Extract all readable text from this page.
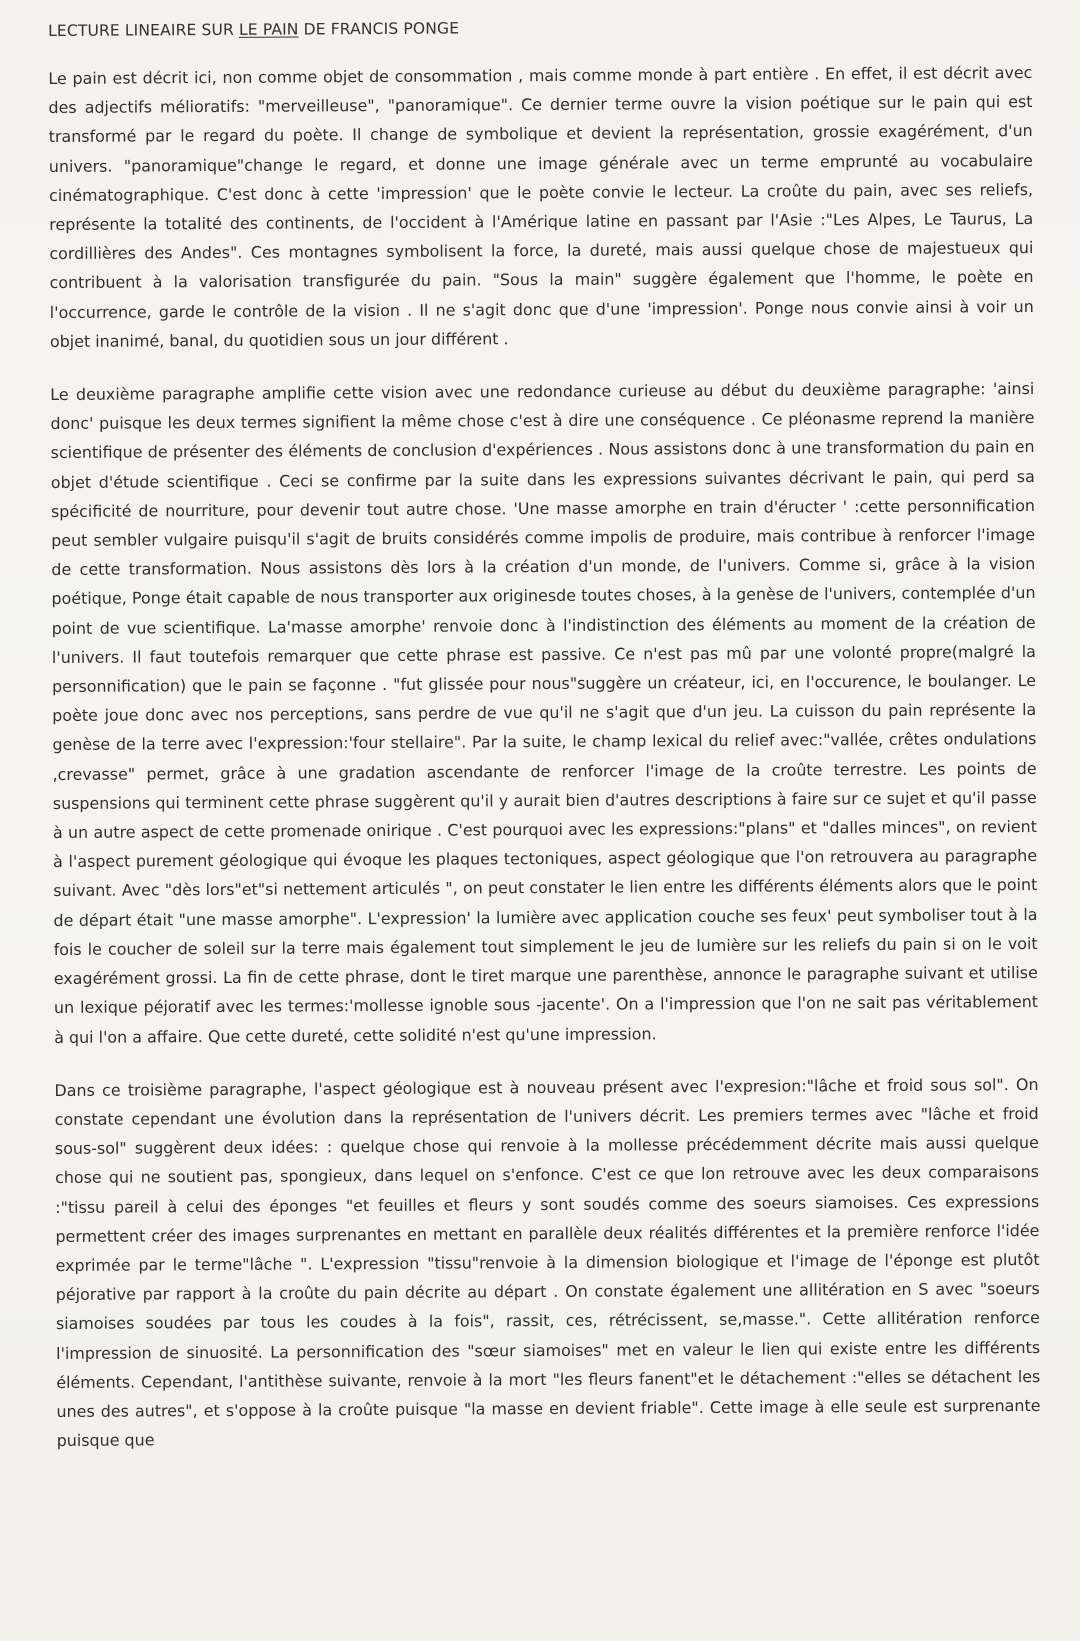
LECTURE LINEAIRE SUR LE PAIN DE FRANCIS PONGE

Le pain est décrit ici, non comme objet de consommation , mais comme monde à part entière . En effet, il est décrit avec des adjectifs mélioratifs: "merveilleuse", "panoramique". Ce dernier terme ouvre la vision poétique sur le pain qui est transformé par le regard du poète. Il change de symbolique et devient la représentation, grossie exagérément, d'un univers. "panoramique"change le regard, et donne une image générale avec un terme emprunté au vocabulaire cinématographique. C'est donc à cette 'impression' que le poète convie le lecteur. La croûte du pain, avec ses reliefs, représente la totalité des continents, de l'occident à l'Amérique latine en passant par l'Asie :"Les Alpes, Le Taurus, La cordillières des Andes". Ces montagnes symbolisent la force, la dureté, mais aussi quelque chose de majestueux qui contribuent à la valorisation transfigurée du pain. "Sous la main" suggère également que l'homme, le poète en l'occurrence, garde le contrôle de la vision . Il ne s'agit donc que d'une 'impression'. Ponge nous convie ainsi à voir un objet inanimé, banal, du quotidien sous un jour différent .

Le deuxième paragraphe amplifie cette vision avec une redondance curieuse au début du deuxième paragraphe: 'ainsi donc' puisque les deux termes signifient la même chose c'est à dire une conséquence . Ce pléonasme reprend la manière scientifique de présenter des éléments de conclusion d'expériences . Nous assistons donc à une transformation du pain en objet d'étude scientifique . Ceci se confirme par la suite dans les expressions suivantes décrivant le pain, qui perd sa spécificité de nourriture, pour devenir tout autre chose. 'Une masse amorphe en train d'éructer ' :cette personnification peut sembler vulgaire puisqu'il s'agit de bruits considérés comme impolis de produire, mais contribue à renforcer l'image de cette transformation. Nous assistons dès lors à la création d'un monde, de l'univers. Comme si, grâce à la vision poétique, Ponge était capable de nous transporter aux originesde toutes choses, à la genèse de l'univers, contemplée d'un point de vue scientifique. La'masse amorphe' renvoie donc à l'indistinction des éléments au moment de la création de l'univers. Il faut toutefois remarquer que cette phrase est passive. Ce n'est pas mû par une volonté propre(malgré la personnification) que le pain se façonne . "fut glissée pour nous"suggère un créateur, ici, en l'occurence, le boulanger. Le poète joue donc avec nos perceptions, sans perdre de vue qu'il ne s'agit que d'un jeu. La cuisson du pain représente la genèse de la terre avec l'expression:'four stellaire". Par la suite, le champ lexical du relief avec:"vallée, crêtes ondulations ,crevasse" permet, grâce à une gradation ascendante de renforcer l'image de la croûte terrestre. Les points de suspensions qui terminent cette phrase suggèrent qu'il y aurait bien d'autres descriptions à faire sur ce sujet et qu'il passe à un autre aspect de cette promenade onirique . C'est pourquoi avec les expressions:"plans" et "dalles minces", on revient à l'aspect purement géologique qui évoque les plaques tectoniques, aspect géologique que l'on retrouvera au paragraphe suivant. Avec "dès lors"et"si nettement articulés ", on peut constater le lien entre les différents éléments alors que le point de départ était "une masse amorphe". L'expression' la lumière avec application couche ses feux' peut symboliser tout à la fois le coucher de soleil sur la terre mais également tout simplement le jeu de lumière sur les reliefs du pain si on le voit exagérément grossi. La fin de cette phrase, dont le tiret marque une parenthèse, annonce le paragraphe suivant et utilise un lexique péjoratif avec les termes:'mollesse ignoble sous -jacente'. On a l'impression que l'on ne sait pas véritablement à qui l'on a affaire. Que cette dureté, cette solidité n'est qu'une impression.

Dans ce troisième paragraphe, l'aspect géologique est à nouveau présent avec l'expresion:"lâche et froid sous sol". On constate cependant une évolution dans la représentation de l'univers décrit. Les premiers termes avec "lâche et froid sous-sol" suggèrent deux idées: : quelque chose qui renvoie à la mollesse précédemment décrite mais aussi quelque chose qui ne soutient pas, spongieux, dans lequel on s'enfonce. C'est ce que lon retrouve avec les deux comparaisons :"tissu pareil à celui des éponges "et feuilles et fleurs y sont soudés comme des soeurs siamoises. Ces expressions permettent créer des images surprenantes en mettant en parallèle deux réalités différentes et la première renforce l'idée exprimée par le terme"lâche ". L'expression "tissu"renvoie à la dimension biologique et l'image de l'éponge est plutôt péjorative par rapport à la croûte du pain décrite au départ . On constate également une allitération en S avec "soeurs siamoises soudées par tous les coudes à la fois", rassit, ces, rétrécissent, se,masse.". Cette allitération renforce l'impression de sinuosité. La personnification des "sœur siamoises" met en valeur le lien qui existe entre les différents éléments. Cependant, l'antithèse suivante, renvoie à la mort "les fleurs fanent"et le détachement :"elles se détachent les unes des autres", et s'oppose à la croûte puisque "la masse en devient friable". Cette image à elle seule est surprenante puisque que
